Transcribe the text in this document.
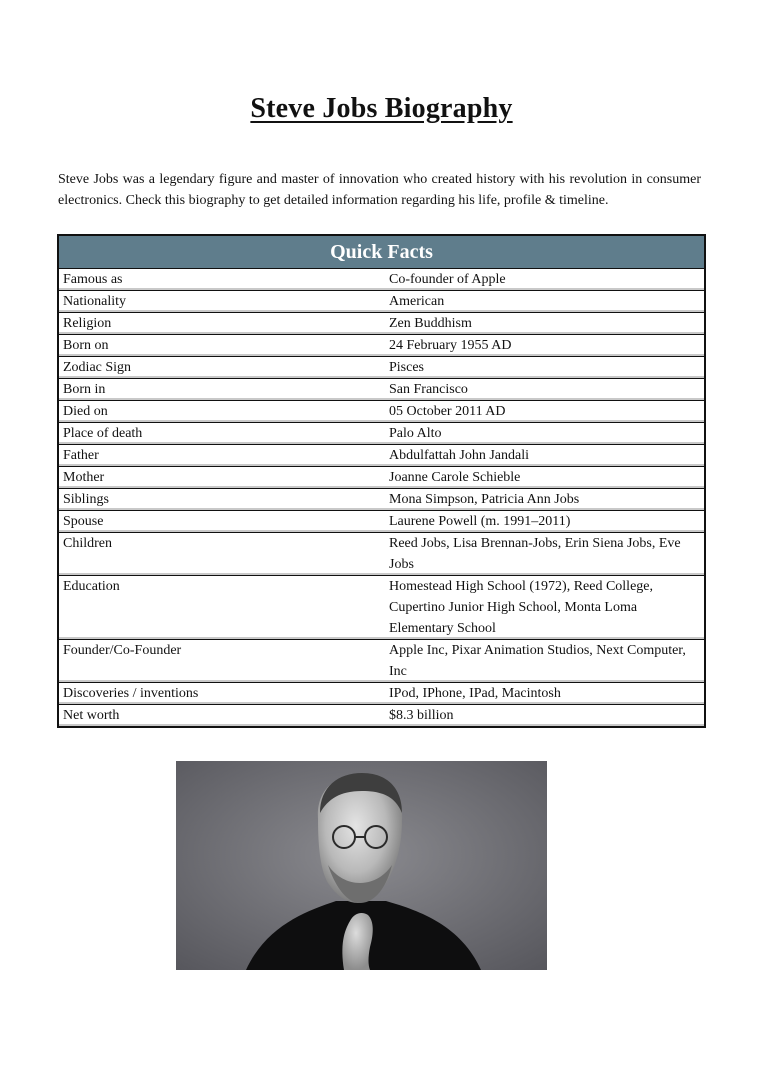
Steve Jobs Biography

Steve Jobs was a legendary figure and master of innovation who created history with his revolution in consumer electronics. Check this biography to get detailed information regarding his life, profile & timeline.

Quick Facts	
Famous as	Co-founder of Apple
Nationality	American
Religion	Zen Buddhism
Born on	24 February 1955 AD
Zodiac Sign	Pisces
Born in	San Francisco
Died on	05 October 2011 AD
Place of death	Palo Alto
Father	Abdulfattah John Jandali
Mother	Joanne Carole Schieble
Siblings	Mona Simpson, Patricia Ann Jobs
Spouse	Laurene Powell (m. 1991–2011)
Children	Reed Jobs, Lisa Brennan-Jobs, Erin Siena Jobs, Eve Jobs
Education	Homestead High School (1972), Reed College, Cupertino Junior High School, Monta Loma Elementary School
Founder/Co-Founder	Apple Inc, Pixar Animation Studios, Next Computer, Inc
Discoveries / inventions	IPod, IPhone, IPad, Macintosh
Net worth	$8.3 billion
